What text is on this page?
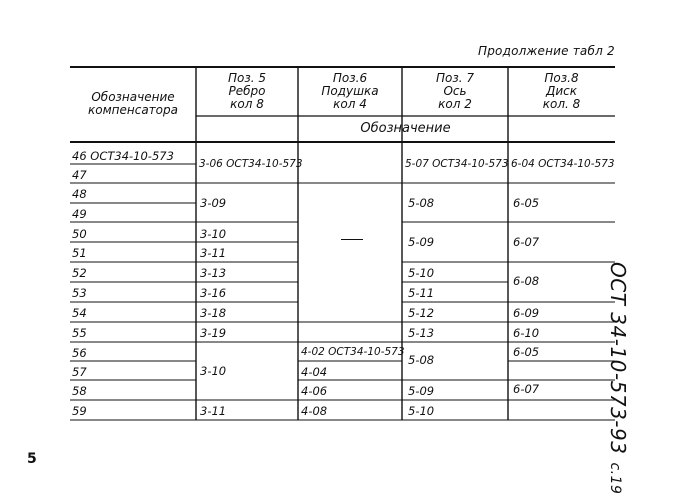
Продолжение табл 2
Обозначение
компенсатора
Поз. 5
Ребро
кол 8
Поз.6
Подушка
кол 4
Поз. 7
Ось
кол 2
Поз.8
Диск
кол. 8
Обозначение
46 ОСТ34-10-573
47
48
49
50
51
52
53
54
55
56
57
58
59
3-06 ОСТ34-10-573
3-09
3-10
3-11
3-13
3-16
3-18
3-19
3-10
3-11
4-02 ОСТ34-10-573
4-04
4-06
4-08
5-07 ОСТ34-10-573
5-08
5-09
5-10
5-11
5-12
5-13
5-08
5-09
5-10
6-04 ОСТ34-10-573
6-05
6-07
6-08
6-09
6-10
6-05
6-07	ОСТ 34-10-573-93с.19
5
